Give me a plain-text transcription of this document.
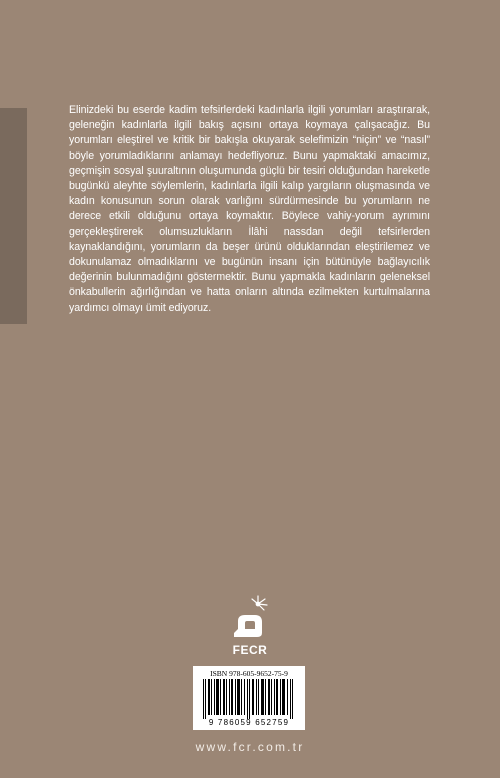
Elinizdeki bu eserde kadim tefsirlerdeki kadınlarla ilgili yorumları araştırarak, geleneğin kadınlarla ilgili bakış açısını ortaya koymaya çalışacağız. Bu yorumları eleştirel ve kritik bir bakışla okuyarak selefimizin “niçin” ve “nasıl” böyle yorumladıklarını anlamayı hedefliyoruz. Bunu yapmaktaki amacımız, geçmişin sosyal şuuraltının oluşumunda güçlü bir tesiri olduğundan hareketle bugünkü aleyhte söylemlerin, kadınlarla ilgili kalıp yargıların oluşmasında ve kadın konusunun sorun olarak varlığını sürdürmesinde bu yorumların ne derece etkili olduğunu ortaya koymaktır. Böylece vahiy-yorum ayrımını gerçekleştirerek olumsuzlukların İlâhi nassdan değil tefsirlerden kaynaklandığını, yorumların da beşer ürünü olduklarından eleştirilemez ve dokunulamaz olmadıklarını ve bugünün insanı için bütünüyle bağlayıcılık değerinin bulunmadığını göstermektir. Bunu yapmakla kadınların geleneksel önkabullerin ağırlığından ve hatta onların altında ezilmekten kurtulmalarına yardımcı olmayı ümit ediyoruz.

FECR
ISBN 978-605-9652-75-9
9 786059 652759
www.fcr.com.tr
